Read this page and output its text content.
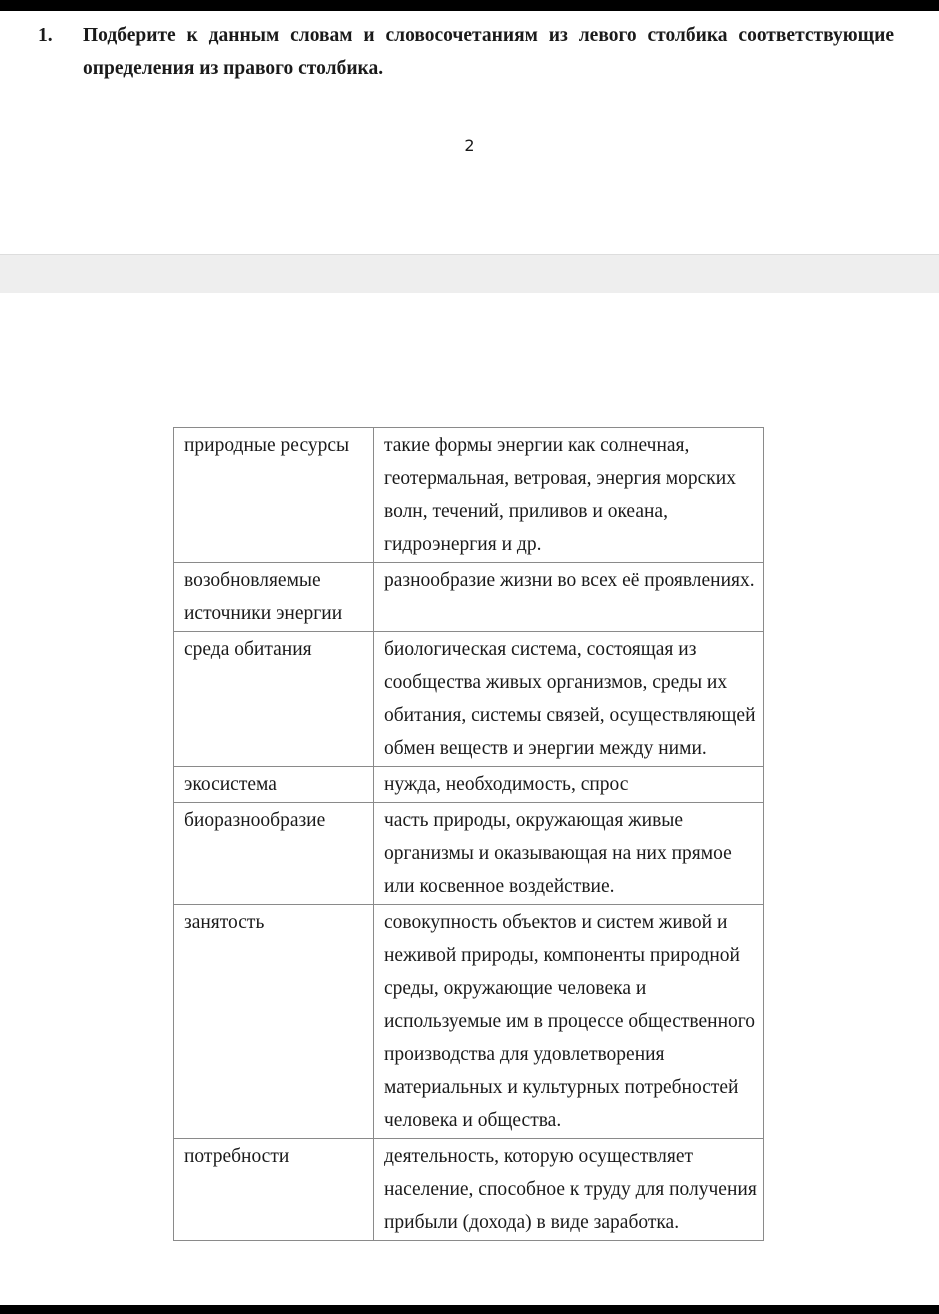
1. Подберите к данным словам и словосочетаниям из левого столбика соответствующие определения из правого столбика.
2
природные ресурсы	такие формы энергии как солнечная, геотермальная, ветровая, энергия морских волн, течений, приливов и океана, гидроэнергия и др.
возобновляемые источники энергии	разнообразие жизни во всех её проявлениях.
среда обитания	биологическая система, состоящая из сообщества живых организмов, среды их обитания, системы связей, осуществляющей обмен веществ и энергии между ними.
экосистема	нужда, необходимость, спрос
биоразнообразие	часть природы, окружающая живые организмы и оказывающая на них прямое или косвенное воздействие.
занятость	совокупность объектов и систем живой и неживой природы, компоненты природной среды, окружающие человека и используемые им в процессе общественного производства для удовлетворения материальных и культурных потребностей человека и общества.
потребности	деятельность, которую осуществляет население, способное к труду для получения прибыли (дохода) в виде заработка.
